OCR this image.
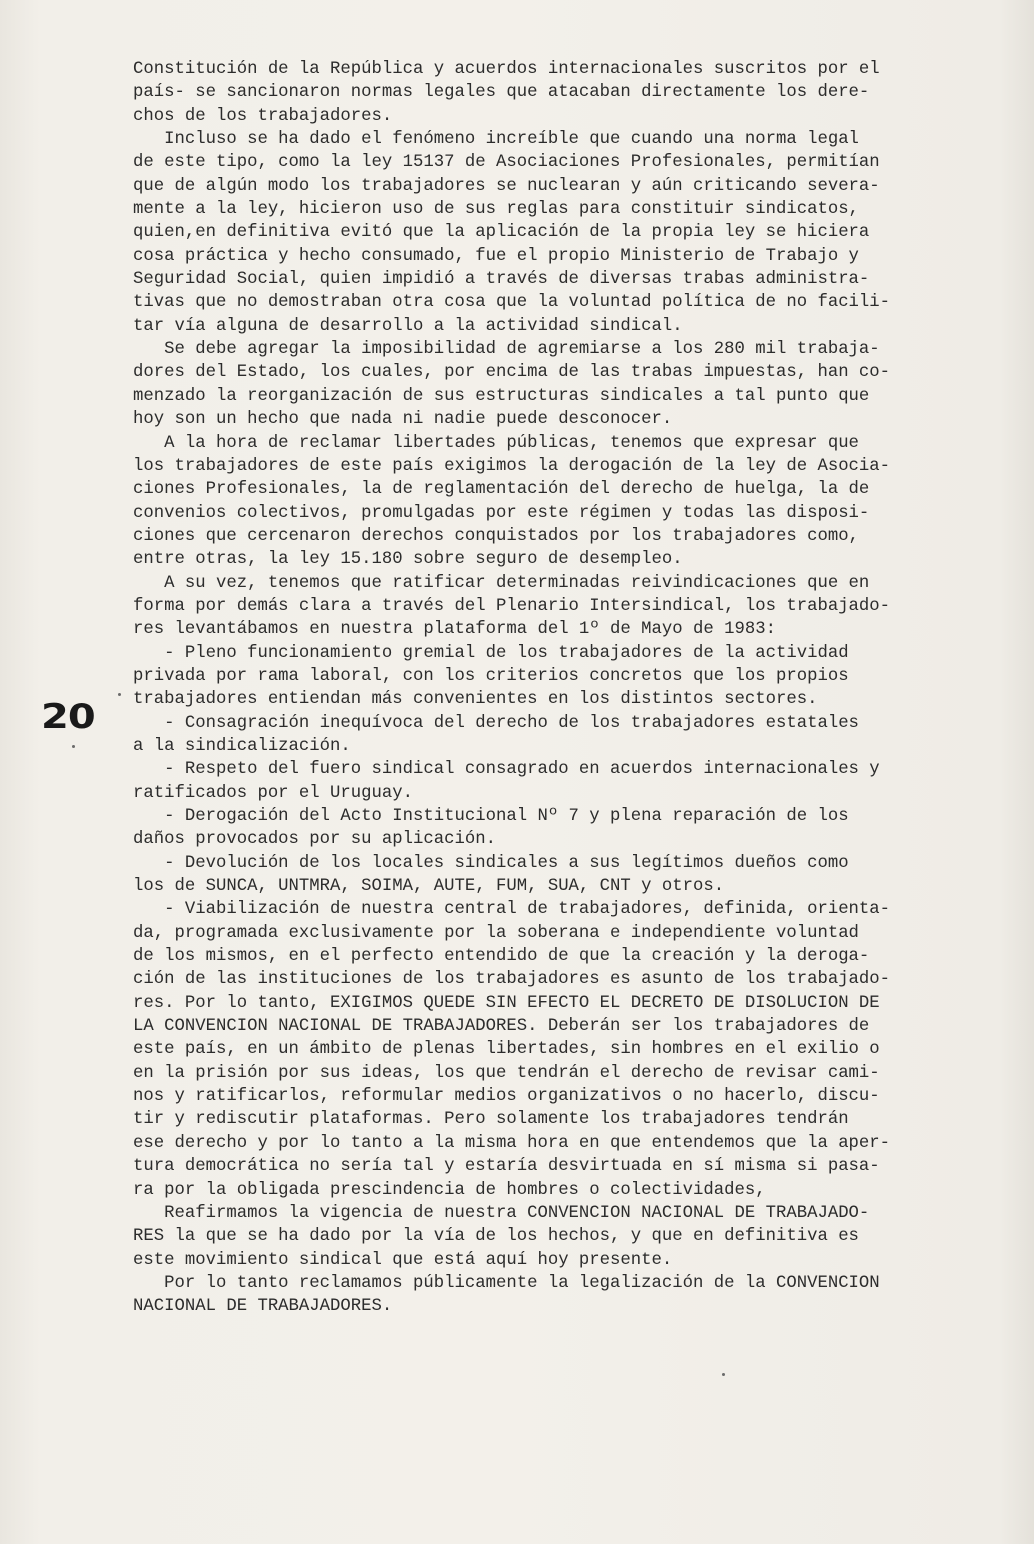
20
Constitución de la República y acuerdos internacionales suscritos por el
país- se sancionaron normas legales que atacaban directamente los dere-
chos de los trabajadores.
Incluso se ha dado el fenómeno increíble que cuando una norma legal
de este tipo, como la ley 15137 de Asociaciones Profesionales, permitían
que de algún modo los trabajadores se nuclearan y aún criticando severa-
mente a la ley, hicieron uso de sus reglas para constituir sindicatos,
quien,en definitiva evitó que la aplicación de la propia ley se hiciera
cosa práctica y hecho consumado, fue el propio Ministerio de Trabajo y
Seguridad Social, quien impidió a través de diversas trabas administra-
tivas que no demostraban otra cosa que la voluntad política de no facili-
tar vía alguna de desarrollo a la actividad sindical.
Se debe agregar la imposibilidad de agremiarse a los 280 mil trabaja-
dores del Estado, los cuales, por encima de las trabas impuestas, han co-
menzado la reorganización de sus estructuras sindicales a tal punto que
hoy son un hecho que nada ni nadie puede desconocer.
A la hora de reclamar libertades públicas, tenemos que expresar que
los trabajadores de este país exigimos la derogación de la ley de Asocia-
ciones Profesionales, la de reglamentación del derecho de huelga, la de
convenios colectivos, promulgadas por este régimen y todas las disposi-
ciones que cercenaron derechos conquistados por los trabajadores como,
entre otras, la ley 15.180 sobre seguro de desempleo.
A su vez, tenemos que ratificar determinadas reivindicaciones que en
forma por demás clara a través del Plenario Intersindical, los trabajado-
res levantábamos en nuestra plataforma del 1º de Mayo de 1983:
- Pleno funcionamiento gremial de los trabajadores de la actividad
privada por rama laboral, con los criterios concretos que los propios
trabajadores entiendan más convenientes en los distintos sectores.
- Consagración inequívoca del derecho de los trabajadores estatales
a la sindicalización.
- Respeto del fuero sindical consagrado en acuerdos internacionales y
ratificados por el Uruguay.
- Derogación del Acto Institucional Nº 7 y plena reparación de los
daños provocados por su aplicación.
- Devolución de los locales sindicales a sus legítimos dueños como
los de SUNCA, UNTMRA, SOIMA, AUTE, FUM, SUA, CNT y otros.
- Viabilización de nuestra central de trabajadores, definida, orienta-
da, programada exclusivamente por la soberana e independiente voluntad
de los mismos, en el perfecto entendido de que la creación y la deroga-
ción de las instituciones de los trabajadores es asunto de los trabajado-
res. Por lo tanto, EXIGIMOS QUEDE SIN EFECTO EL DECRETO DE DISOLUCION DE
LA CONVENCION NACIONAL DE TRABAJADORES. Deberán ser los trabajadores de
este país, en un ámbito de plenas libertades, sin hombres en el exilio o
en la prisión por sus ideas, los que tendrán el derecho de revisar cami-
nos y ratificarlos, reformular medios organizativos o no hacerlo, discu-
tir y rediscutir plataformas. Pero solamente los trabajadores tendrán
ese derecho y por lo tanto a la misma hora en que entendemos que la aper-
tura democrática no sería tal y estaría desvirtuada en sí misma si pasa-
ra por la obligada prescindencia de hombres o colectividades,
Reafirmamos la vigencia de nuestra CONVENCION NACIONAL DE TRABAJADO-
RES la que se ha dado por la vía de los hechos, y que en definitiva es
este movimiento sindical que está aquí hoy presente.
Por lo tanto reclamamos públicamente la legalización de la CONVENCION
NACIONAL DE TRABAJADORES.
